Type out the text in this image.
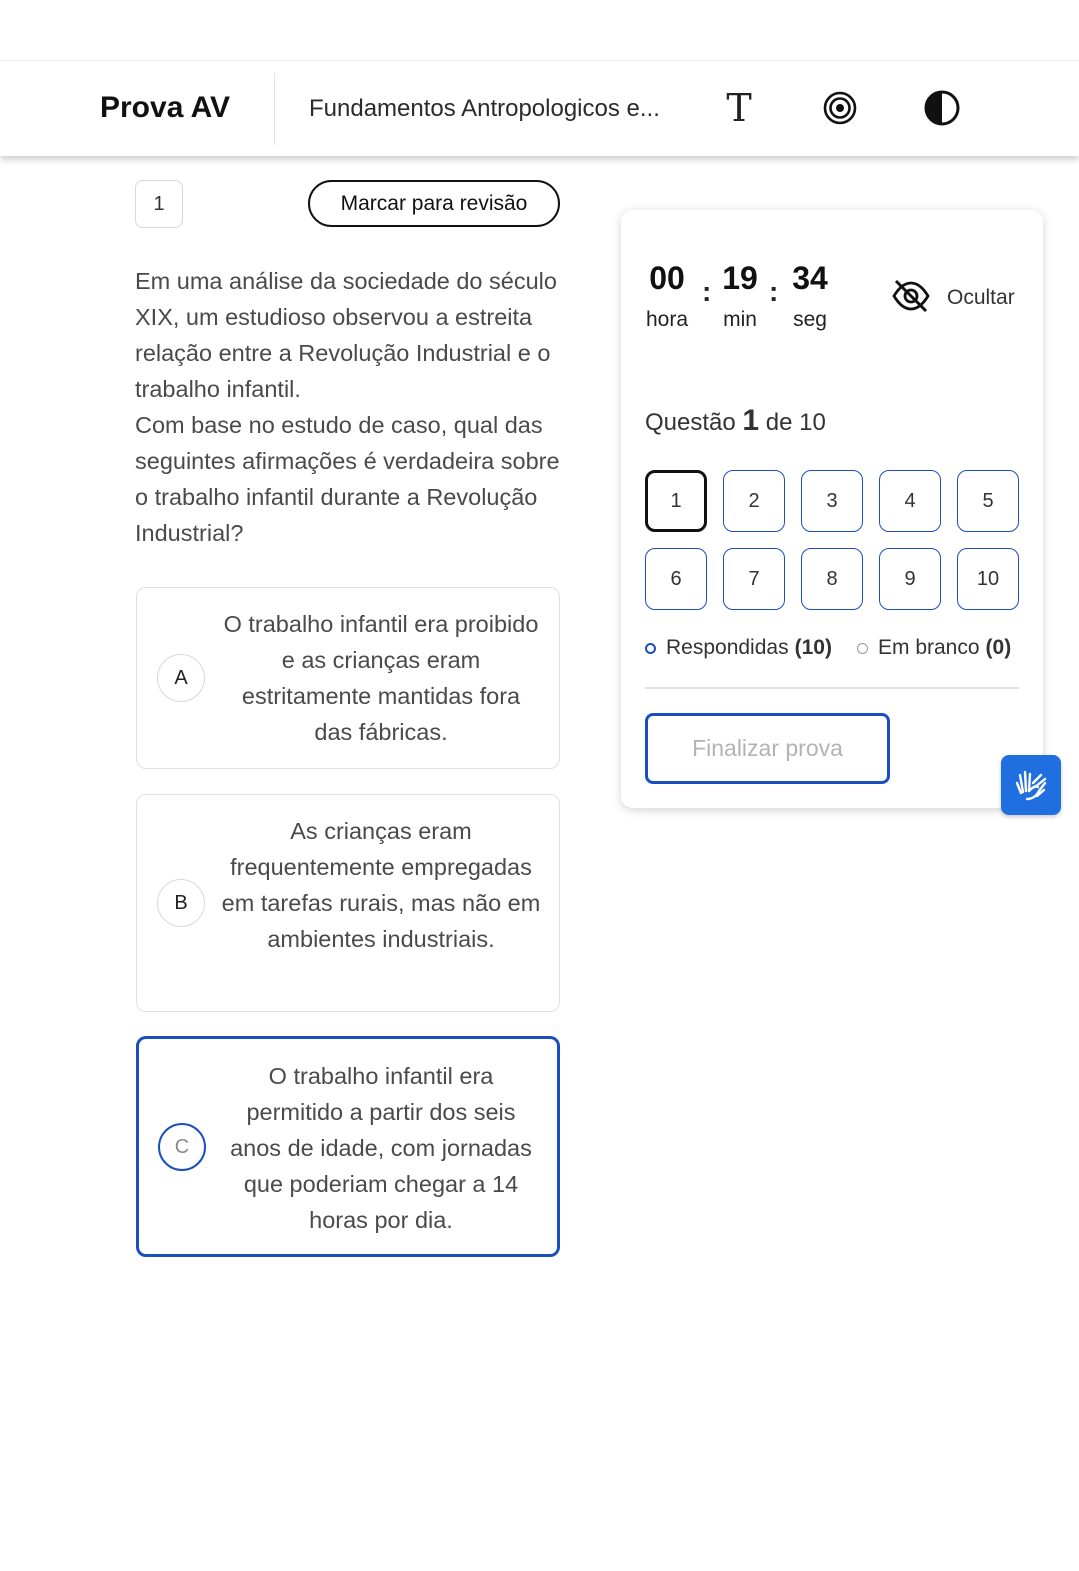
Prova AV	Fundamentos Antropologicos e...	T
1	Marcar para revisão

Em uma análise da sociedade do século XIX, um estudioso observou a estreita relação entre a Revolução Industrial e o trabalho infantil.

Com base no estudo de caso, qual das seguintes afirmações é verdadeira sobre o trabalho infantil durante a Revolução Industrial?

A
O trabalho infantil era proibido e as crianças eram estritamente mantidas fora das fábricas.
B
As crianças eram frequentemente empregadas em tarefas rurais, mas não em ambientes industriais.
C
O trabalho infantil era permitido a partir dos seis anos de idade, com jornadas que poderiam chegar a 14 horas por dia.
00 : 19 : 34
hora	min	seg
Ocultar
Questão 1 de 10
1	2	3	4	5
6	7	8	9	10
Respondidas (10) Em branco (0)
Finalizar prova
